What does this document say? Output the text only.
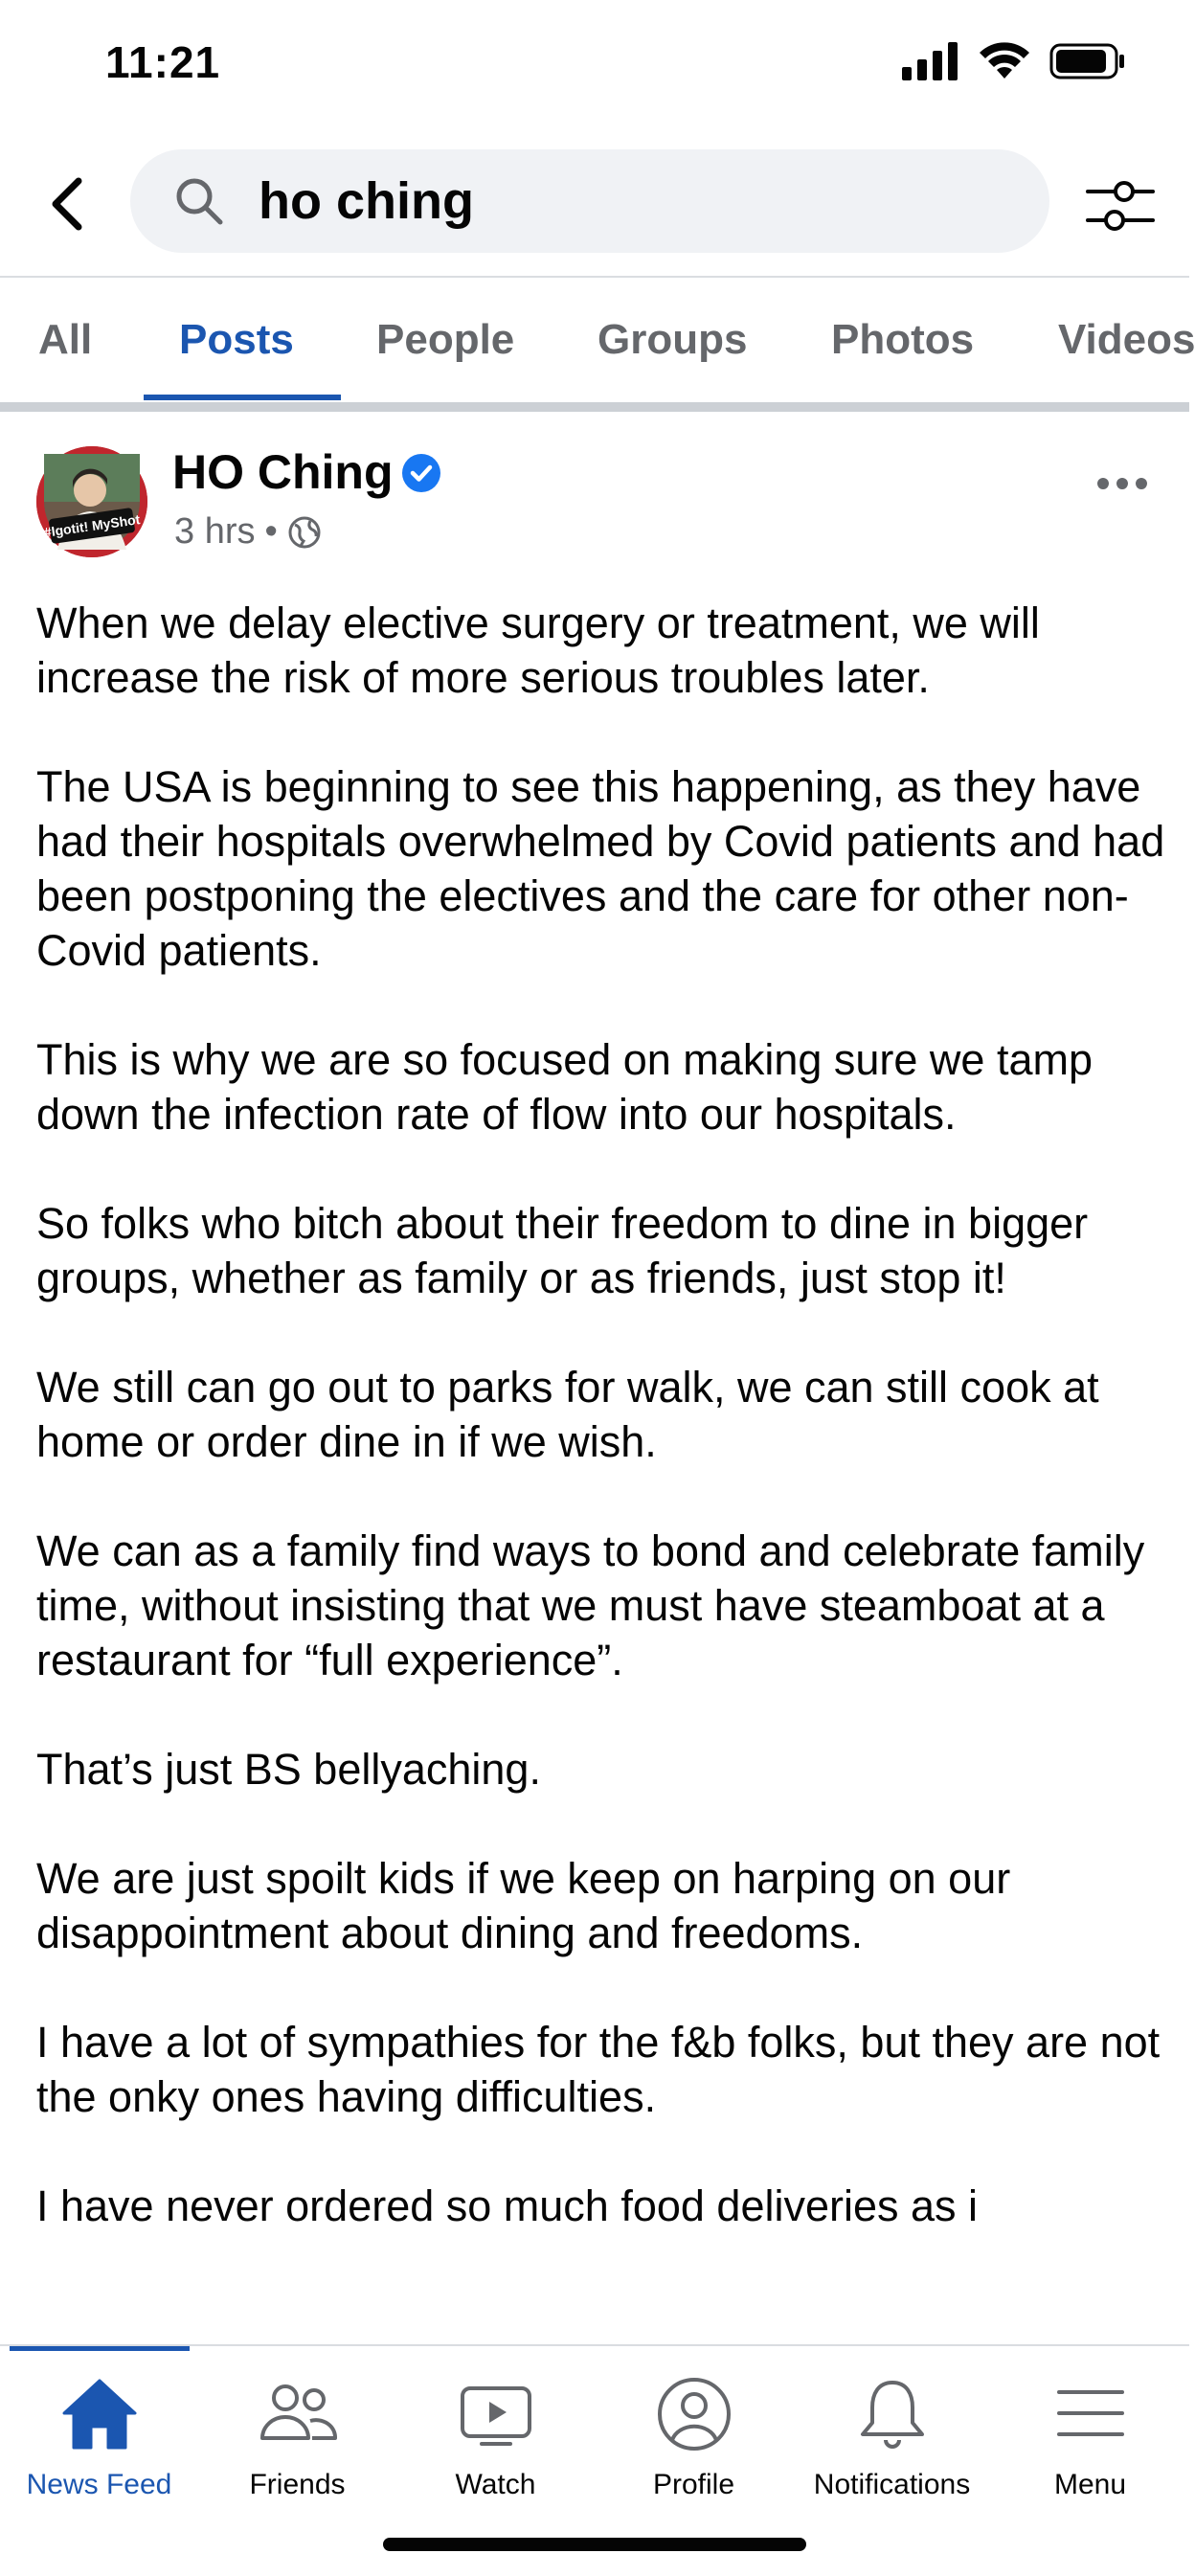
11:21
ho ching
All Posts People Groups Photos Videos
#Igotit! MyShot
HO Ching
3 hrs •

When we delay elective surgery or treatment, we will increase the risk of more serious troubles later.

The USA is beginning to see this happening, as they have had their hospitals overwhelmed by Covid patients and had been postponing the electives and the care for other non-Covid patients.

This is why we are so focused on making sure we tamp down the infection rate of flow into our hospitals.

So folks who bitch about their freedom to dine in bigger groups, whether as family or as friends, just stop it!

We still can go out to parks for walk, we can still cook at home or order dine in if we wish.

We can as a family find ways to bond and celebrate family time, without insisting that we must have steamboat at a restaurant for “full experience”.

That’s just BS bellyaching.

We are just spoilt kids if we keep on harping on our disappointment about dining and freedoms.

I have a lot of sympathies for the f&b folks, but they are not the onky ones having difficulties.

I have never ordered so much food deliveries as i

News Feed	Friends	Watch	Profile	Notifications	Menu
